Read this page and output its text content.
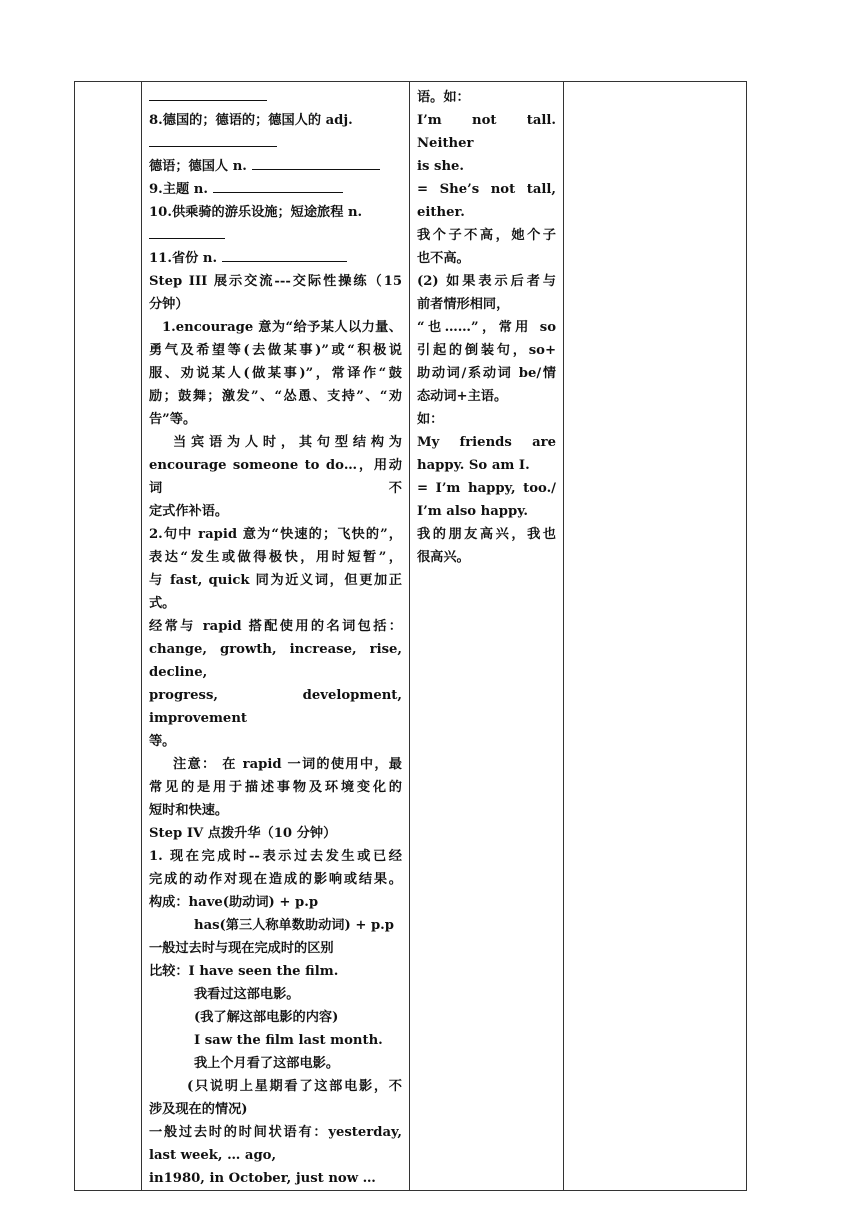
8.德国的；德语的；德国人的 adj.
德语；德国人 n.
9.主题 n.
10.供乘骑的游乐设施；短途旅程 n.
11.省份 n.
Step III 展示交流---交际性操练（15
分钟）
1.encourage 意为“给予某人以力量、
勇气及希望等(去做某事)”或“积极说
服、劝说某人(做某事)”，常译作“鼓
励；鼓舞；激发”、“怂恿、支持”、“劝
告”等。
当宾语为人时，其句型结构为
encourage someone to do…，用动词不
定式作补语。
2.句中 rapid 意为“快速的；飞快的”，
表达“发生或做得极快，用时短暂”，
与 fast, quick 同为近义词，但更加正
式。
经常与 rapid 搭配使用的名词包括：
change, growth, increase, rise, decline,
progress, development, improvement
等。
注意： 在 rapid 一词的使用中，最
常见的是用于描述事物及环境变化的
短时和快速。
Step IV 点拨升华（10 分钟）
1. 现在完成时--表示过去发生或已经
完成的动作对现在造成的影响或结果。
构成：have(助动词) + p.p
has(第三人称单数助动词) + p.p
一般过去时与现在完成时的区别
比较：I have seen the film.
我看过这部电影。
(我了解这部电影的内容)
I saw the film last month.
我上个月看了这部电影。
(只说明上星期看了这部电影，不
涉及现在的情况)
一般过去时的时间状语有：yesterday,
last week, … ago,
in1980, in October, just now …

语。如：
I’m not tall. Neither
is she.
= She’s not tall,
either.
我个子不高，她个子
也不高。
(2) 如果表示后者与
前者情形相同，
“也……”，常用 so
引起的倒装句，so+
助动词/系动词 be/情
态动词+主语。
如：
My friends are
happy. So am I.
= I’m happy, too./
I’m also happy.
我的朋友高兴，我也
很高兴。
